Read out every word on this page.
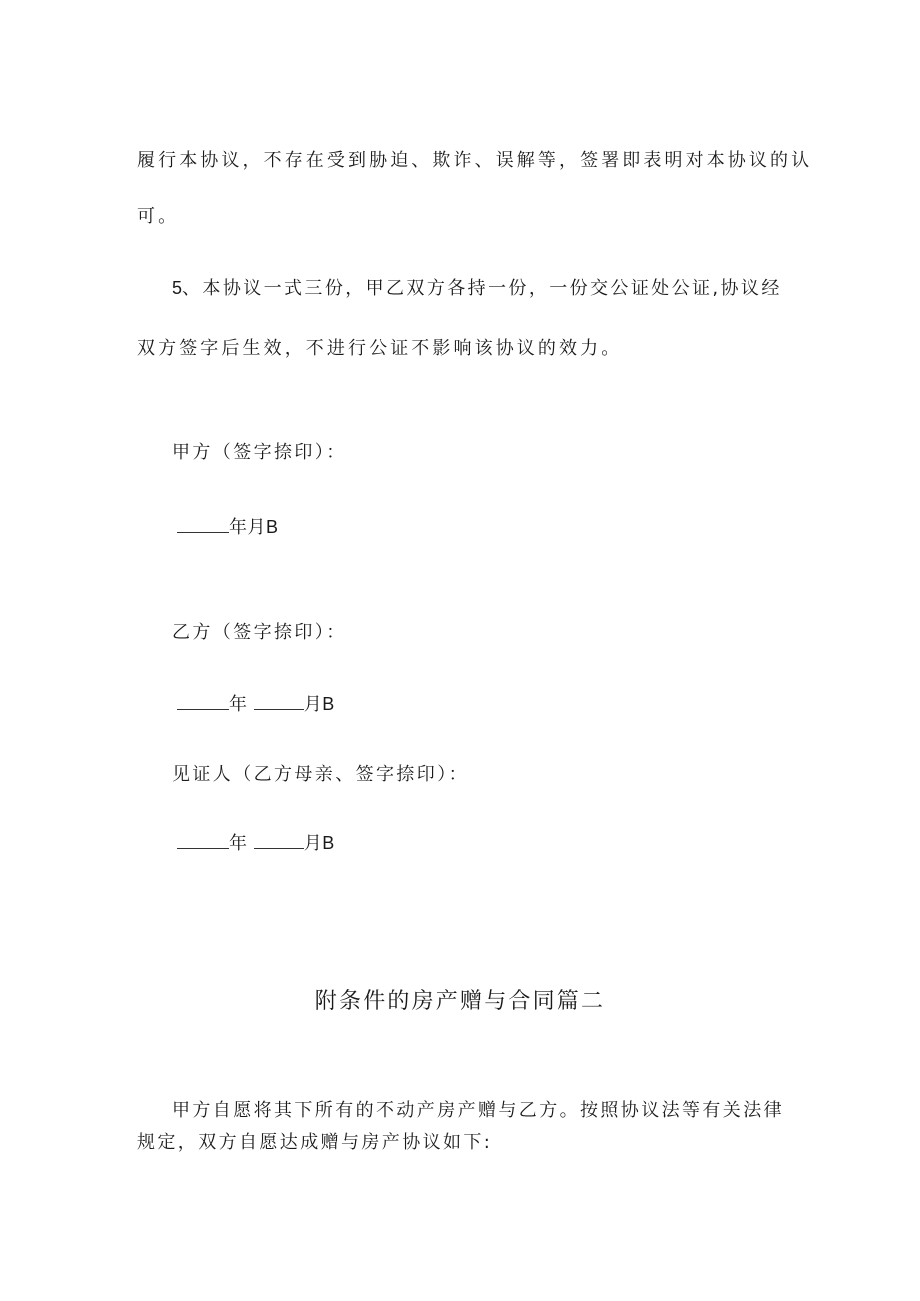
履行本协议，不存在受到胁迫、欺诈、误解等，签署即表明对本协议的认
可。
5、本协议一式三份，甲乙双方各持一份，一份交公证处公证,协议经
双方签字后生效，不进行公证不影响该协议的效力。
甲方（签字捺印）：
年月B
乙方（签字捺印）：
年	月B
见证人（乙方母亲、签字捺印）：
年	月B
附条件的房产赠与合同篇二
甲方自愿将其下所有的不动产房产赠与乙方。按照协议法等有关法律
规定，双方自愿达成赠与房产协议如下:
